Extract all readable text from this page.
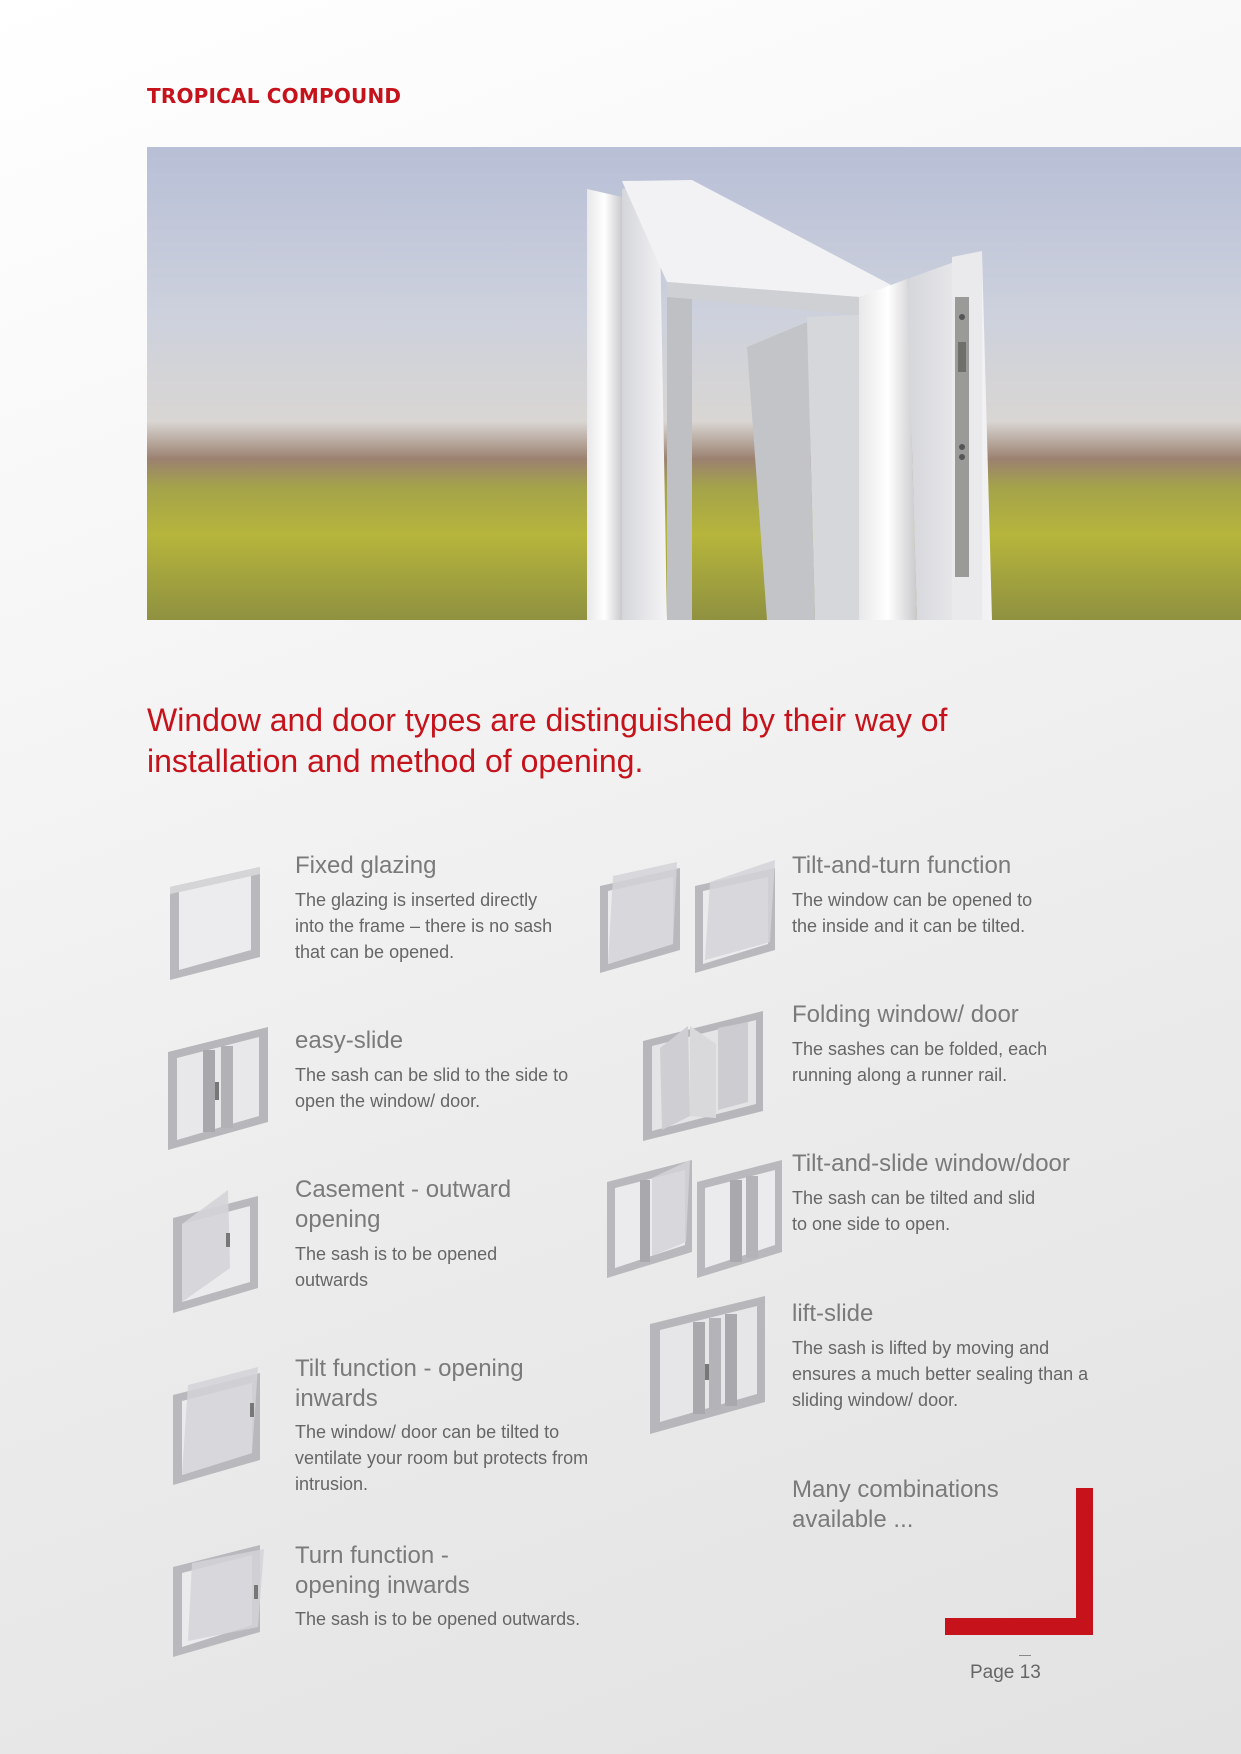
TROPICAL COMPOUND
Window and door types are distinguished by their way of installation and method of opening.
Fixed glazing
The glazing is inserted directly into the frame – there is no sash that can be opened.
easy-slide
The sash can be slid to the side to open the window/ door.
Casement - outward opening
The sash is to be opened outwards
Tilt function - opening inwards
The window/ door can be tilted to ventilate your room but protects from intrusion.
Turn function - opening inwards
The sash is to be opened outwards.
Tilt-and-turn function
The window can be opened to the inside and it can be tilted.
Folding window/ door
The sashes can be folded, each running along a runner rail.
Tilt-and-slide window/door
The sash can be tilted and slid to one side to open.
lift-slide
The sash is lifted by moving and ensures a much better sealing than a sliding window/ door.
Many combinations available ...
Page 13
